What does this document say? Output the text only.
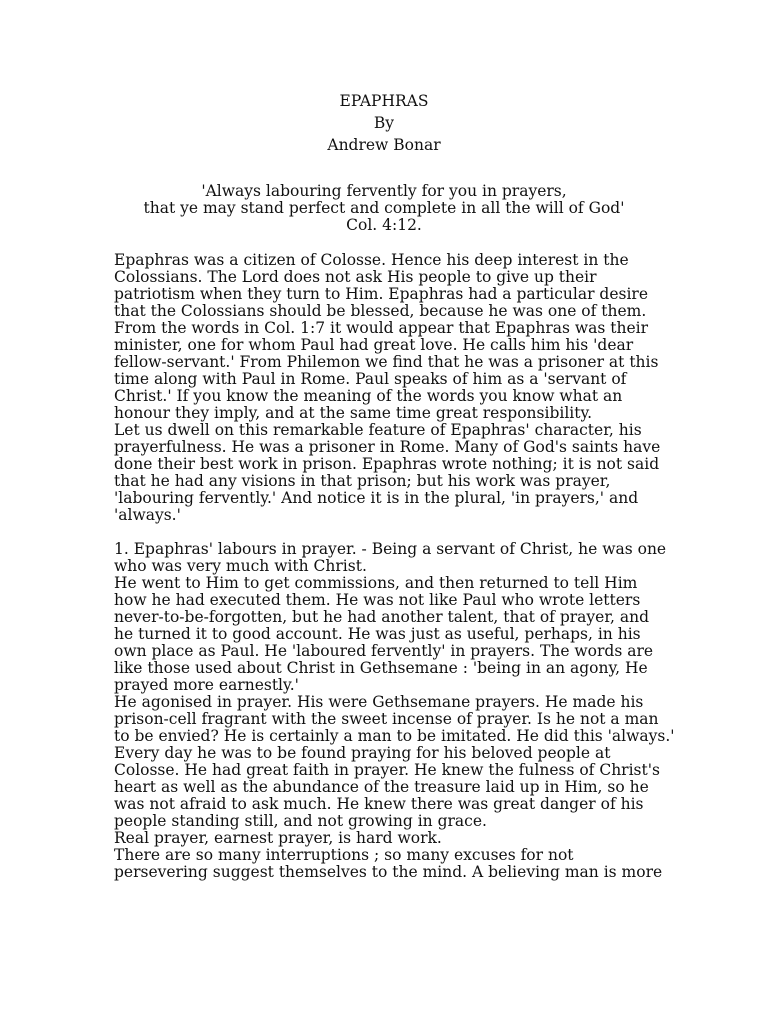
EPAPHRAS
By
Andrew Bonar
'Always labouring fervently for you in prayers,
that ye may stand perfect and complete in all the will of God'
Col. 4:12.
Epaphras was a citizen of Colosse. Hence his deep interest in the
Colossians. The Lord does not ask His people to give up their
patriotism when they turn to Him. Epaphras had a particular desire
that the Colossians should be blessed, because he was one of them.
From the words in Col. 1:7 it would appear that Epaphras was their
minister, one for whom Paul had great love. He calls him his 'dear
fellow-servant.' From Philemon we find that he was a prisoner at this
time along with Paul in Rome. Paul speaks of him as a 'servant of
Christ.' If you know the meaning of the words you know what an
honour they imply, and at the same time great responsibility.
Let us dwell on this remarkable feature of Epaphras' character, his
prayerfulness. He was a prisoner in Rome. Many of God's saints have
done their best work in prison. Epaphras wrote nothing; it is not said
that he had any visions in that prison; but his work was prayer,
'labouring fervently.' And notice it is in the plural, 'in prayers,' and
'always.'
1. Epaphras' labours in prayer. - Being a servant of Christ, he was one
who was very much with Christ.
He went to Him to get commissions, and then returned to tell Him
how he had executed them. He was not like Paul who wrote letters
never-to-be-forgotten, but he had another talent, that of prayer, and
he turned it to good account. He was just as useful, perhaps, in his
own place as Paul. He 'laboured fervently' in prayers. The words are
like those used about Christ in Gethsemane : 'being in an agony, He
prayed more earnestly.'
He agonised in prayer. His were Gethsemane prayers. He made his
prison-cell fragrant with the sweet incense of prayer. Is he not a man
to be envied? He is certainly a man to be imitated. He did this 'always.'
Every day he was to be found praying for his beloved people at
Colosse. He had great faith in prayer. He knew the fulness of Christ's
heart as well as the abundance of the treasure laid up in Him, so he
was not afraid to ask much. He knew there was great danger of his
people standing still, and not growing in grace.
Real prayer, earnest prayer, is hard work.
There are so many interruptions ; so many excuses for not
persevering suggest themselves to the mind. A believing man is more
